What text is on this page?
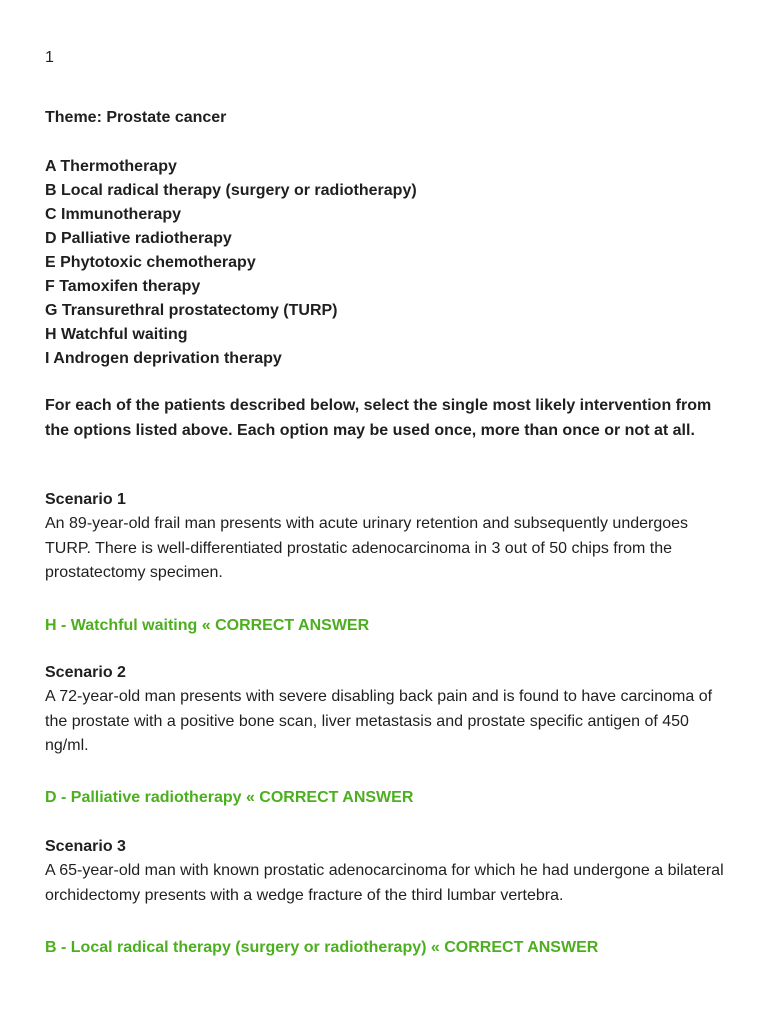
1
Theme: Prostate cancer
A Thermotherapy
B Local radical therapy (surgery or radiotherapy)
C Immunotherapy
D Palliative radiotherapy
E Phytotoxic chemotherapy
F Tamoxifen therapy
G Transurethral prostatectomy (TURP)
H Watchful waiting
I Androgen deprivation therapy
For each of the patients described below, select the single most likely intervention from the options listed above. Each option may be used once, more than once or not at all.
Scenario 1
An 89-year-old frail man presents with acute urinary retention and subsequently undergoes TURP. There is well-differentiated prostatic adenocarcinoma in 3 out of 50 chips from the prostatectomy specimen.
H - Watchful waiting « CORRECT ANSWER
Scenario 2
A 72-year-old man presents with severe disabling back pain and is found to have carcinoma of the prostate with a positive bone scan, liver metastasis and prostate specific antigen of 450 ng/ml.
D - Palliative radiotherapy « CORRECT ANSWER
Scenario 3
A 65-year-old man with known prostatic adenocarcinoma for which he had undergone a bilateral orchidectomy presents with a wedge fracture of the third lumbar vertebra.
B - Local radical therapy (surgery or radiotherapy) « CORRECT ANSWER
